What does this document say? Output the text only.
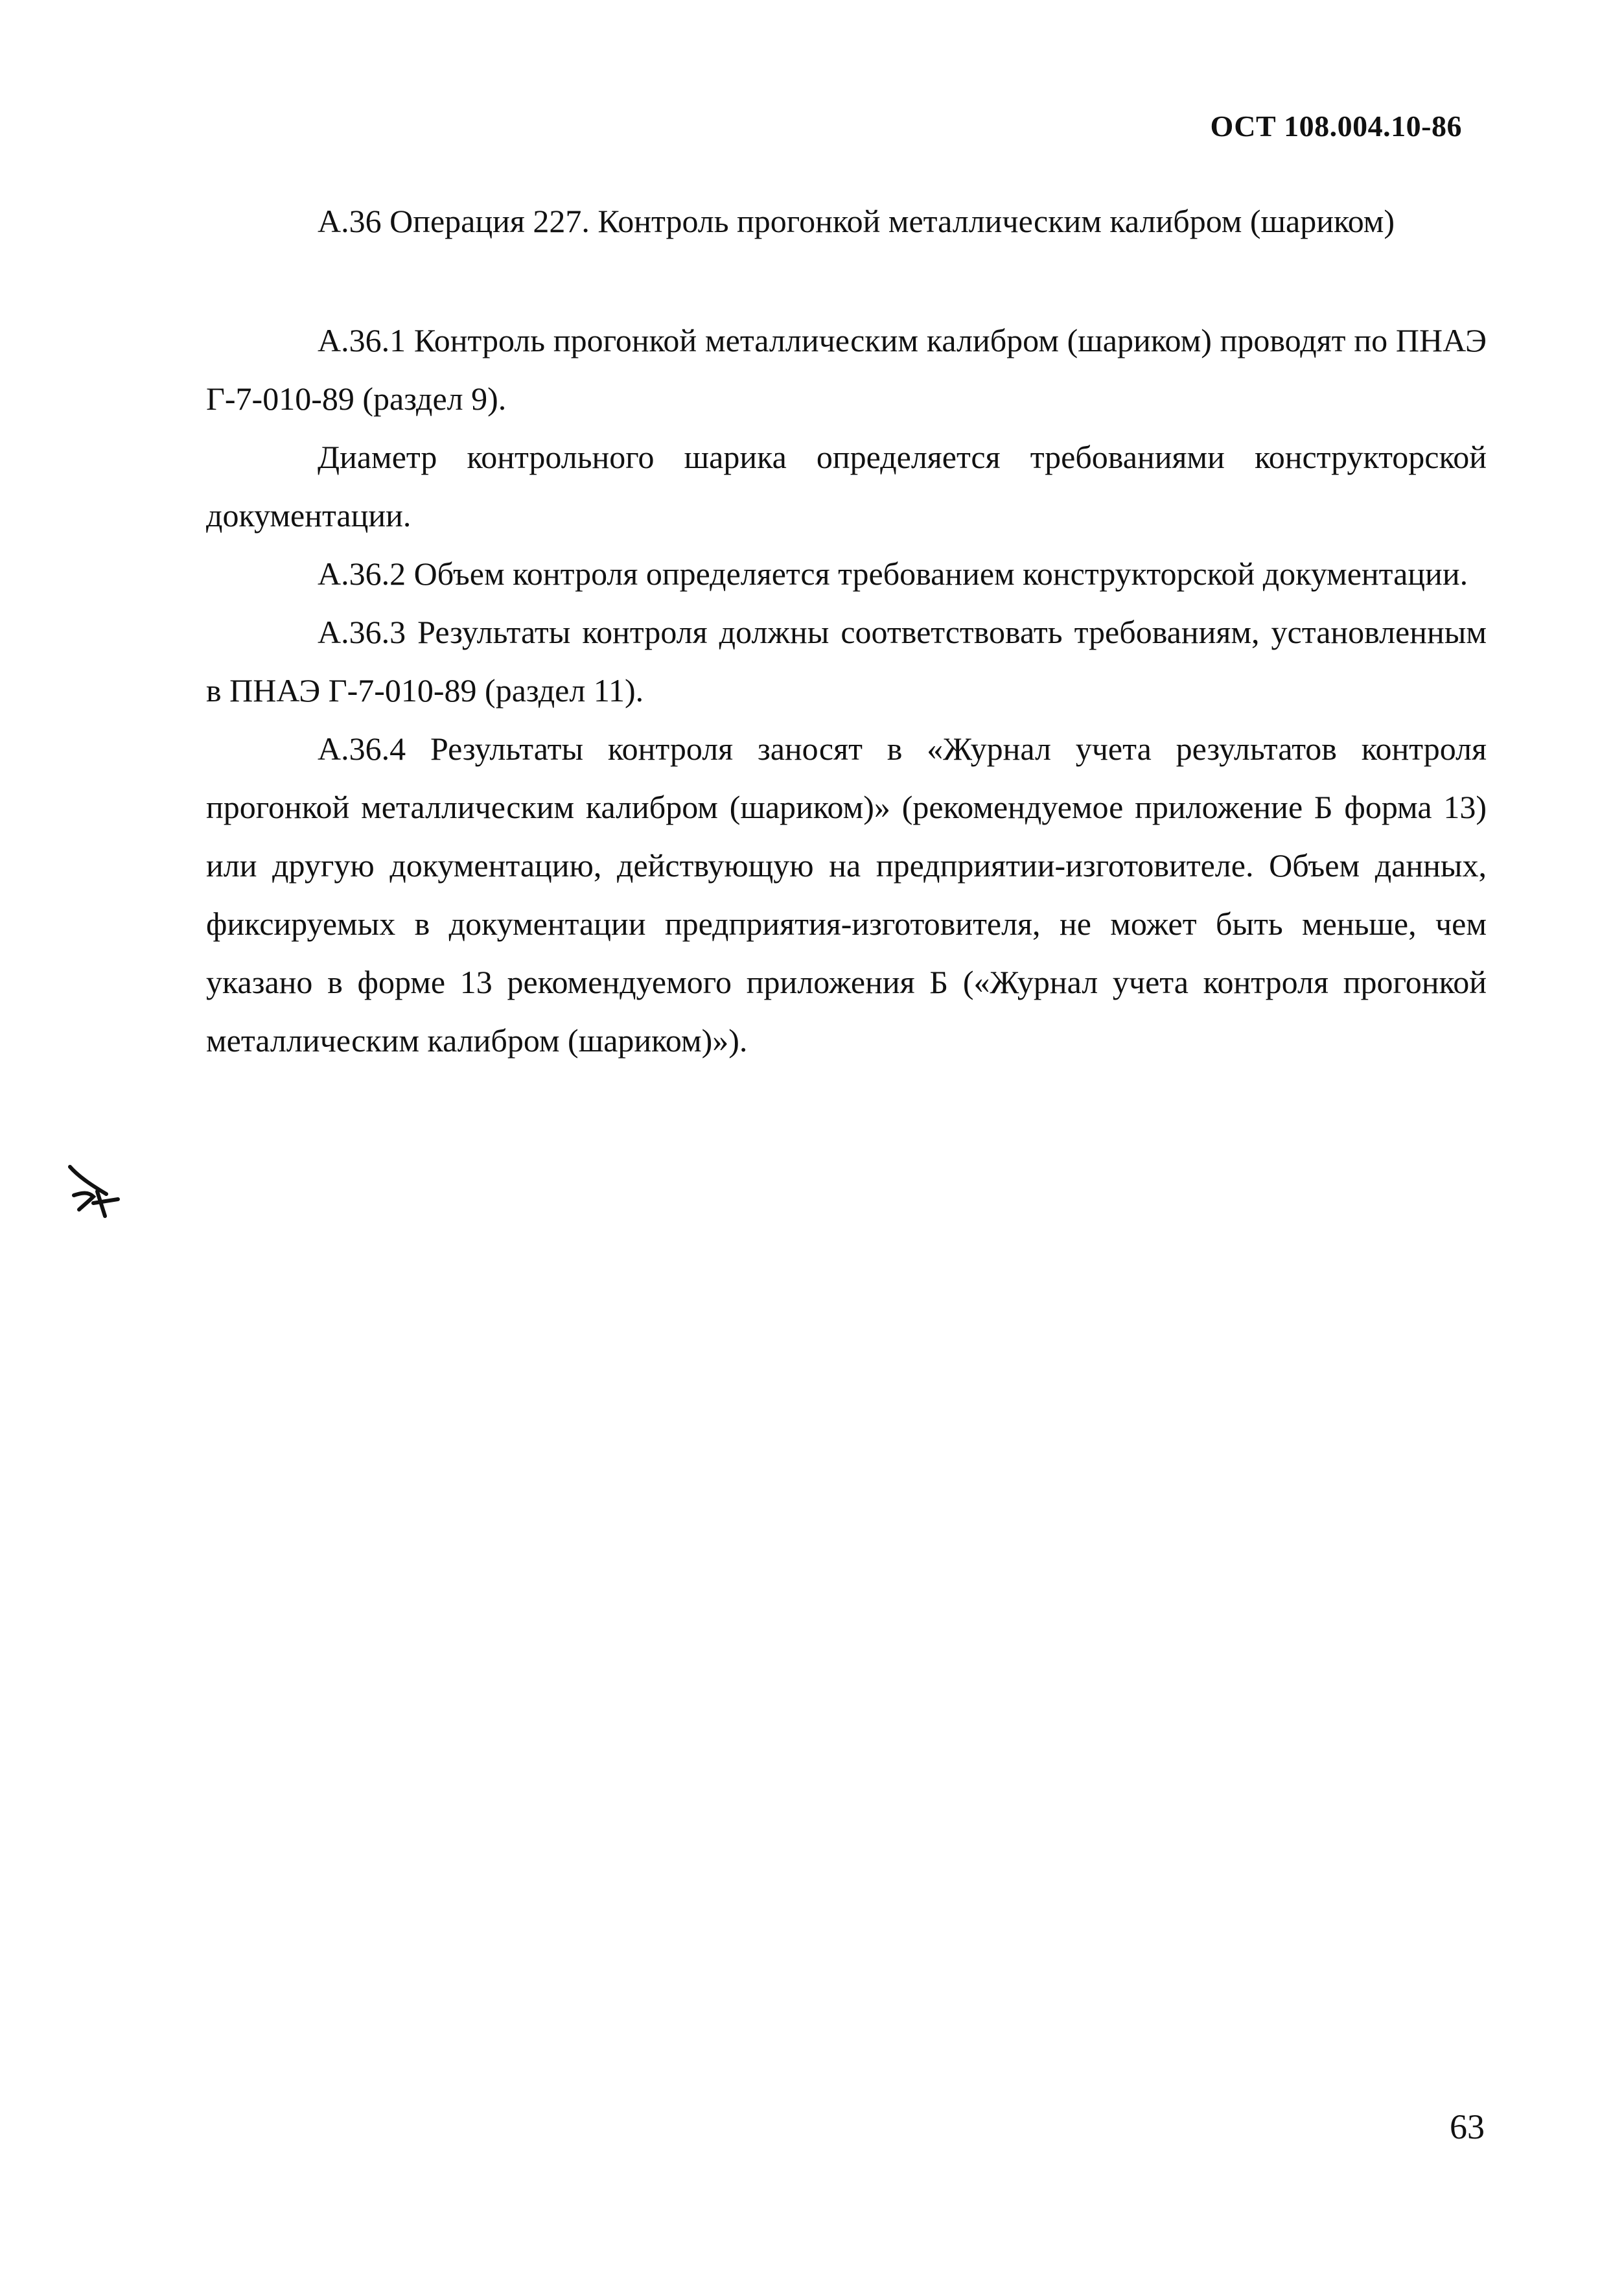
ОСТ 108.004.10-86
А.36 Операция 227. Контроль прогонкой металлическим калибром (шариком)

А.36.1 Контроль прогонкой металлическим калибром (шариком) проводят по ПНАЭ Г-7-010-89 (раздел 9).

Диаметр контрольного шарика определяется требованиями конструкторской документации.

А.36.2 Объем контроля определяется требованием конструкторской документации.

А.36.3 Результаты контроля должны соответствовать требованиям, установленным в ПНАЭ Г-7-010-89 (раздел 11).

А.36.4 Результаты контроля заносят в «Журнал учета результатов контроля прогонкой металлическим калибром (шариком)» (рекомендуемое приложение Б форма 13) или другую документацию, действующую на предприятии-изготовителе. Объем данных, фиксируемых в документации предприятия-изготовителя, не может быть меньше, чем указано в форме 13 рекомендуемого приложения Б («Журнал учета контроля прогонкой металлическим калибром (шариком)»).

63
